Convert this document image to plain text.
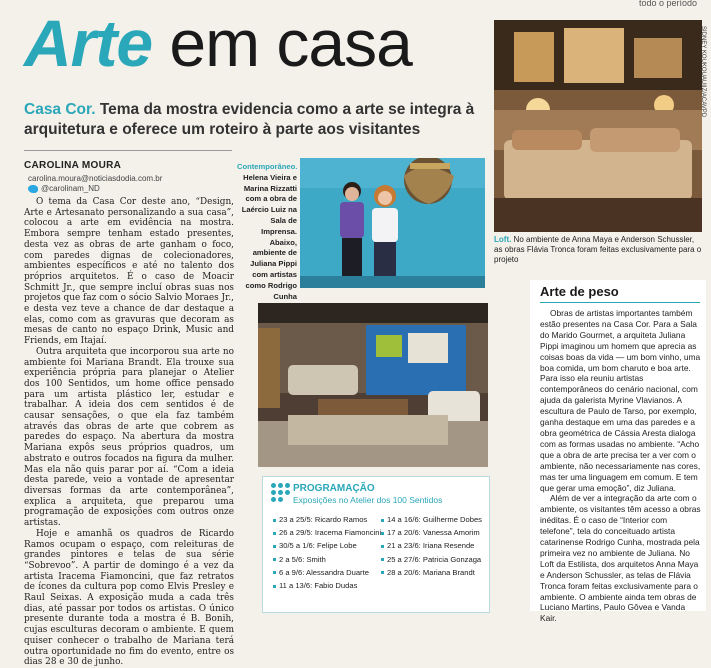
todo o período
Arte em casa
Casa Cor. Tema da mostra evidencia como a arte se integra à arquitetura e oferece um roteiro à parte aos visitantes
CAROLINA MOURA
carolina.moura@noticiasdodia.com.br
@carolinam_ND

O tema da Casa Cor deste ano, “Design, Arte e Artesanato personalizando a sua casa”, colocou a arte em evidência na mostra. Embora sempre tenham estado presentes, desta vez as obras de arte ganham o foco, com paredes dignas de colecionadores, ambientes específicos e até no talento dos próprios arquitetos. É o caso de Moacir Schmitt Jr., que sempre incluí obras suas nos projetos que faz com o sócio Salvio Moraes Jr., e desta vez teve a chance de dar destaque a elas, como com as gravuras que decoram as mesas de canto no espaço Drink, Music and Friends, em Itajaí.

Outra arquiteta que incorporou sua arte no ambiente foi Mariana Brandt. Ela trouxe sua experiência própria para planejar o Atelier dos 100 Sentidos, um home office pensado para um artista plástico ler, estudar e trabalhar. A ideia dos cem sentidos é de causar sensações, o que ela faz também através das obras de arte que cobrem as paredes do espaço. Na abertura da mostra Mariana expôs seus próprios quadros, um abstrato e outros focados na figura da mulher. Mas ela não quis parar por aí. “Com a ideia desta parede, veio a vontade de apresentar diversas formas da arte contemporânea”, explica a arquiteta, que preparou uma programação de exposições com outros onze artistas.

Hoje e amanhã os quadros de Ricardo Ramos ocupam o espaço, com releituras de grandes pintores e telas de sua série “Sobrevoo”. A partir de domingo é a vez da artista Iracema Fiamoncini, que faz retratos de ícones da cultura pop como Elvis Presley e Raul Seixas. A exposição muda a cada três dias, até passar por todos os artistas. O único presente durante toda a mostra é B. Bonih, cujas esculturas decoram o ambiente. E quem quiser conhecer o trabalho de Mariana terá outra oportunidade no fim do evento, entre os dias 28 e 30 de junho.

Contemporâneo.
Helena Vieira e Marina Rizzatti com a obra de Laércio Luiz na Sala de Imprensa. Abaixo, ambiente de Juliana Pippi com artistas como Rodrigo Cunha
SIDNEY KOUKOUAUIIZ/ACAVPD
Loft. No ambiente de Anna Maya e Anderson Schussler, as obras Flávia Tronca foram feitas exclusivamente para o projeto
PROGRAMAÇÃO
Exposições no Atelier dos 100 Sentidos
23 a 25/5: Ricardo Ramos
26 a 29/5: Iracema Fiamoncini
30/5 a 1/6: Felipe Lobe
2 a 5/6: Smith
6 a 9/6: Alessandra Duarte
11 a 13/6: Fabio Dudas
14 a 16/6: Guilherme Dobes
17 a 20/6: Vanessa Amorim
21 a 23/6: Iriana Resende
25 a 27/6: Patricia Gonzaga
28 a 20/6: Mariana Brandt
Arte de peso

Obras de artistas importantes também estão presentes na Casa Cor. Para a Sala do Marido Gourmet, a arquiteta Juliana Pippi imaginou um homem que aprecia as coisas boas da vida — um bom vinho, uma boa comida, um bom charuto e boa arte. Para isso ela reuniu artistas contemporâneos do cenário nacional, com ajuda da galerista Myrine Vlavianos. A escultura de Paulo de Tarso, por exemplo, ganha destaque em uma das paredes e a obra geométrica de Cássia Aresta dialoga com as formas usadas no ambiente. “Acho que a obra de arte precisa ter a ver com o ambiente, não necessariamente nas cores, mas ter uma linguagem em comum. E tem que gerar uma emoção”, diz Juliana.

Além de ver a integração da arte com o ambiente, os visitantes têm acesso a obras inéditas. É o caso de “Interior com telefone”, tela do conceituado artista catarinense Rodrigo Cunha, mostrada pela primeira vez no ambiente de Juliana. No Loft da Estilista, dos arquitetos Anna Maya e Anderson Schussler, as telas de Flávia Tronca foram feitas exclusivamente para o ambiente. O ambiente ainda tem obras de Luciano Martins, Paulo Gôvea e Vanda Kair.
